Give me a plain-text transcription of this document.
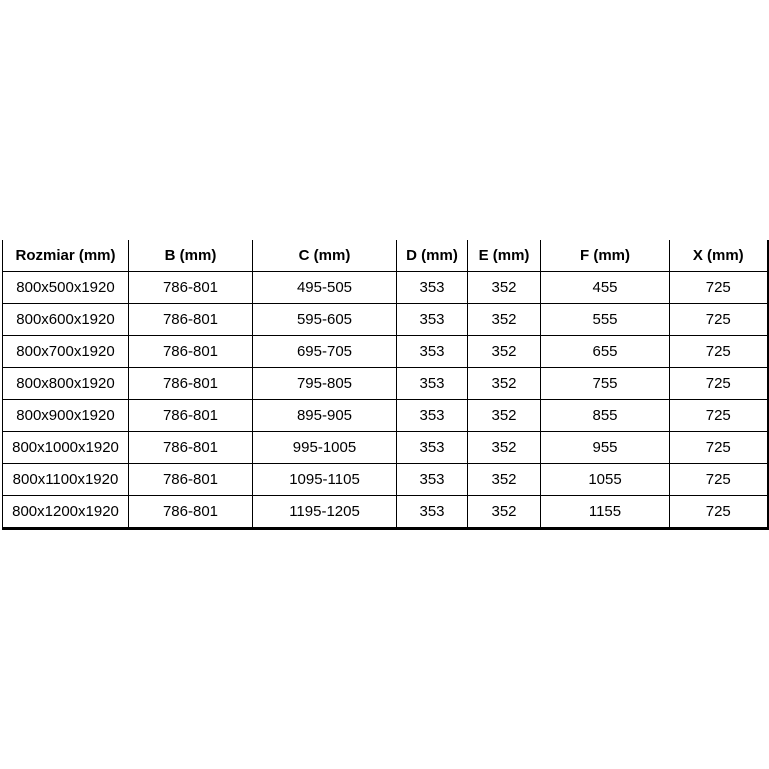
Rozmiar (mm)	B (mm)	C (mm)	D (mm)	E (mm)	F (mm)	X (mm)
800x500x1920	786-801	495-505	353	352	455	725
800x600x1920	786-801	595-605	353	352	555	725
800x700x1920	786-801	695-705	353	352	655	725
800x800x1920	786-801	795-805	353	352	755	725
800x900x1920	786-801	895-905	353	352	855	725
800x1000x1920	786-801	995-1005	353	352	955	725
800x1100x1920	786-801	1095-1105	353	352	1055	725
800x1200x1920	786-801	1195-1205	353	352	1155	725
